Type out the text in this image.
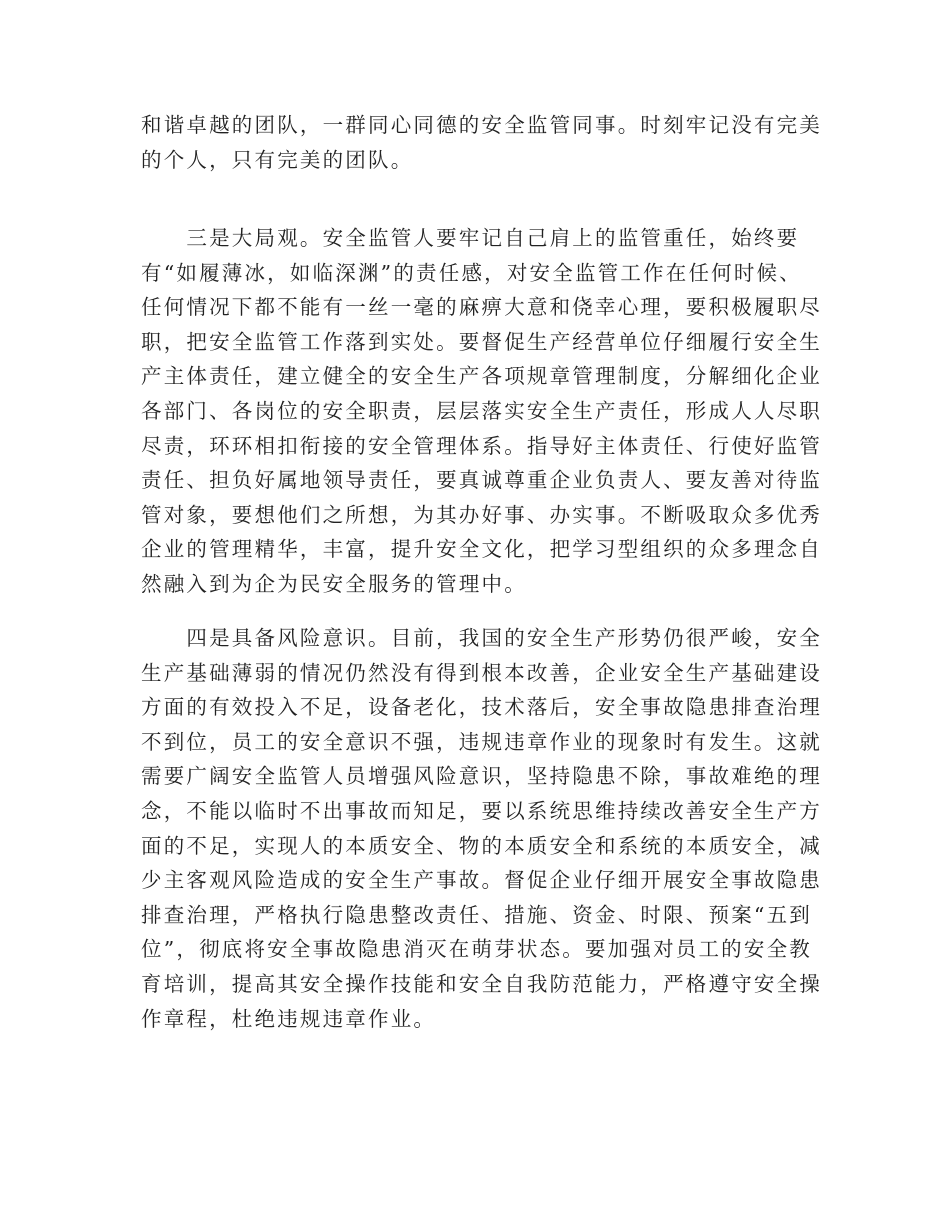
和谐卓越的团队，一群同心同德的安全监管同事。时刻牢记没有完美
的个人，只有完美的团队。
　　三是大局观。安全监管人要牢记自己肩上的监管重任，始终要
有“如履薄冰，如临深渊”的责任感，对安全监管工作在任何时候、
任何情况下都不能有一丝一毫的麻痹大意和侥幸心理，要积极履职尽
职，把安全监管工作落到实处。要督促生产经营单位仔细履行安全生
产主体责任，建立健全的安全生产各项规章管理制度，分解细化企业
各部门、各岗位的安全职责，层层落实安全生产责任，形成人人尽职
尽责，环环相扣衔接的安全管理体系。指导好主体责任、行使好监管
责任、担负好属地领导责任，要真诚尊重企业负责人、要友善对待监
管对象，要想他们之所想，为其办好事、办实事。不断吸取众多优秀
企业的管理精华，丰富，提升安全文化，把学习型组织的众多理念自
然融入到为企为民安全服务的管理中。
　　四是具备风险意识。目前，我国的安全生产形势仍很严峻，安全
生产基础薄弱的情况仍然没有得到根本改善，企业安全生产基础建设
方面的有效投入不足，设备老化，技术落后，安全事故隐患排查治理
不到位，员工的安全意识不强，违规违章作业的现象时有发生。这就
需要广阔安全监管人员增强风险意识，坚持隐患不除，事故难绝的理
念，不能以临时不出事故而知足，要以系统思维持续改善安全生产方
面的不足，实现人的本质安全、物的本质安全和系统的本质安全，减
少主客观风险造成的安全生产事故。督促企业仔细开展安全事故隐患
排查治理，严格执行隐患整改责任、措施、资金、时限、预案“五到
位”，彻底将安全事故隐患消灭在萌芽状态。要加强对员工的安全教
育培训，提高其安全操作技能和安全自我防范能力，严格遵守安全操
作章程，杜绝违规违章作业。
